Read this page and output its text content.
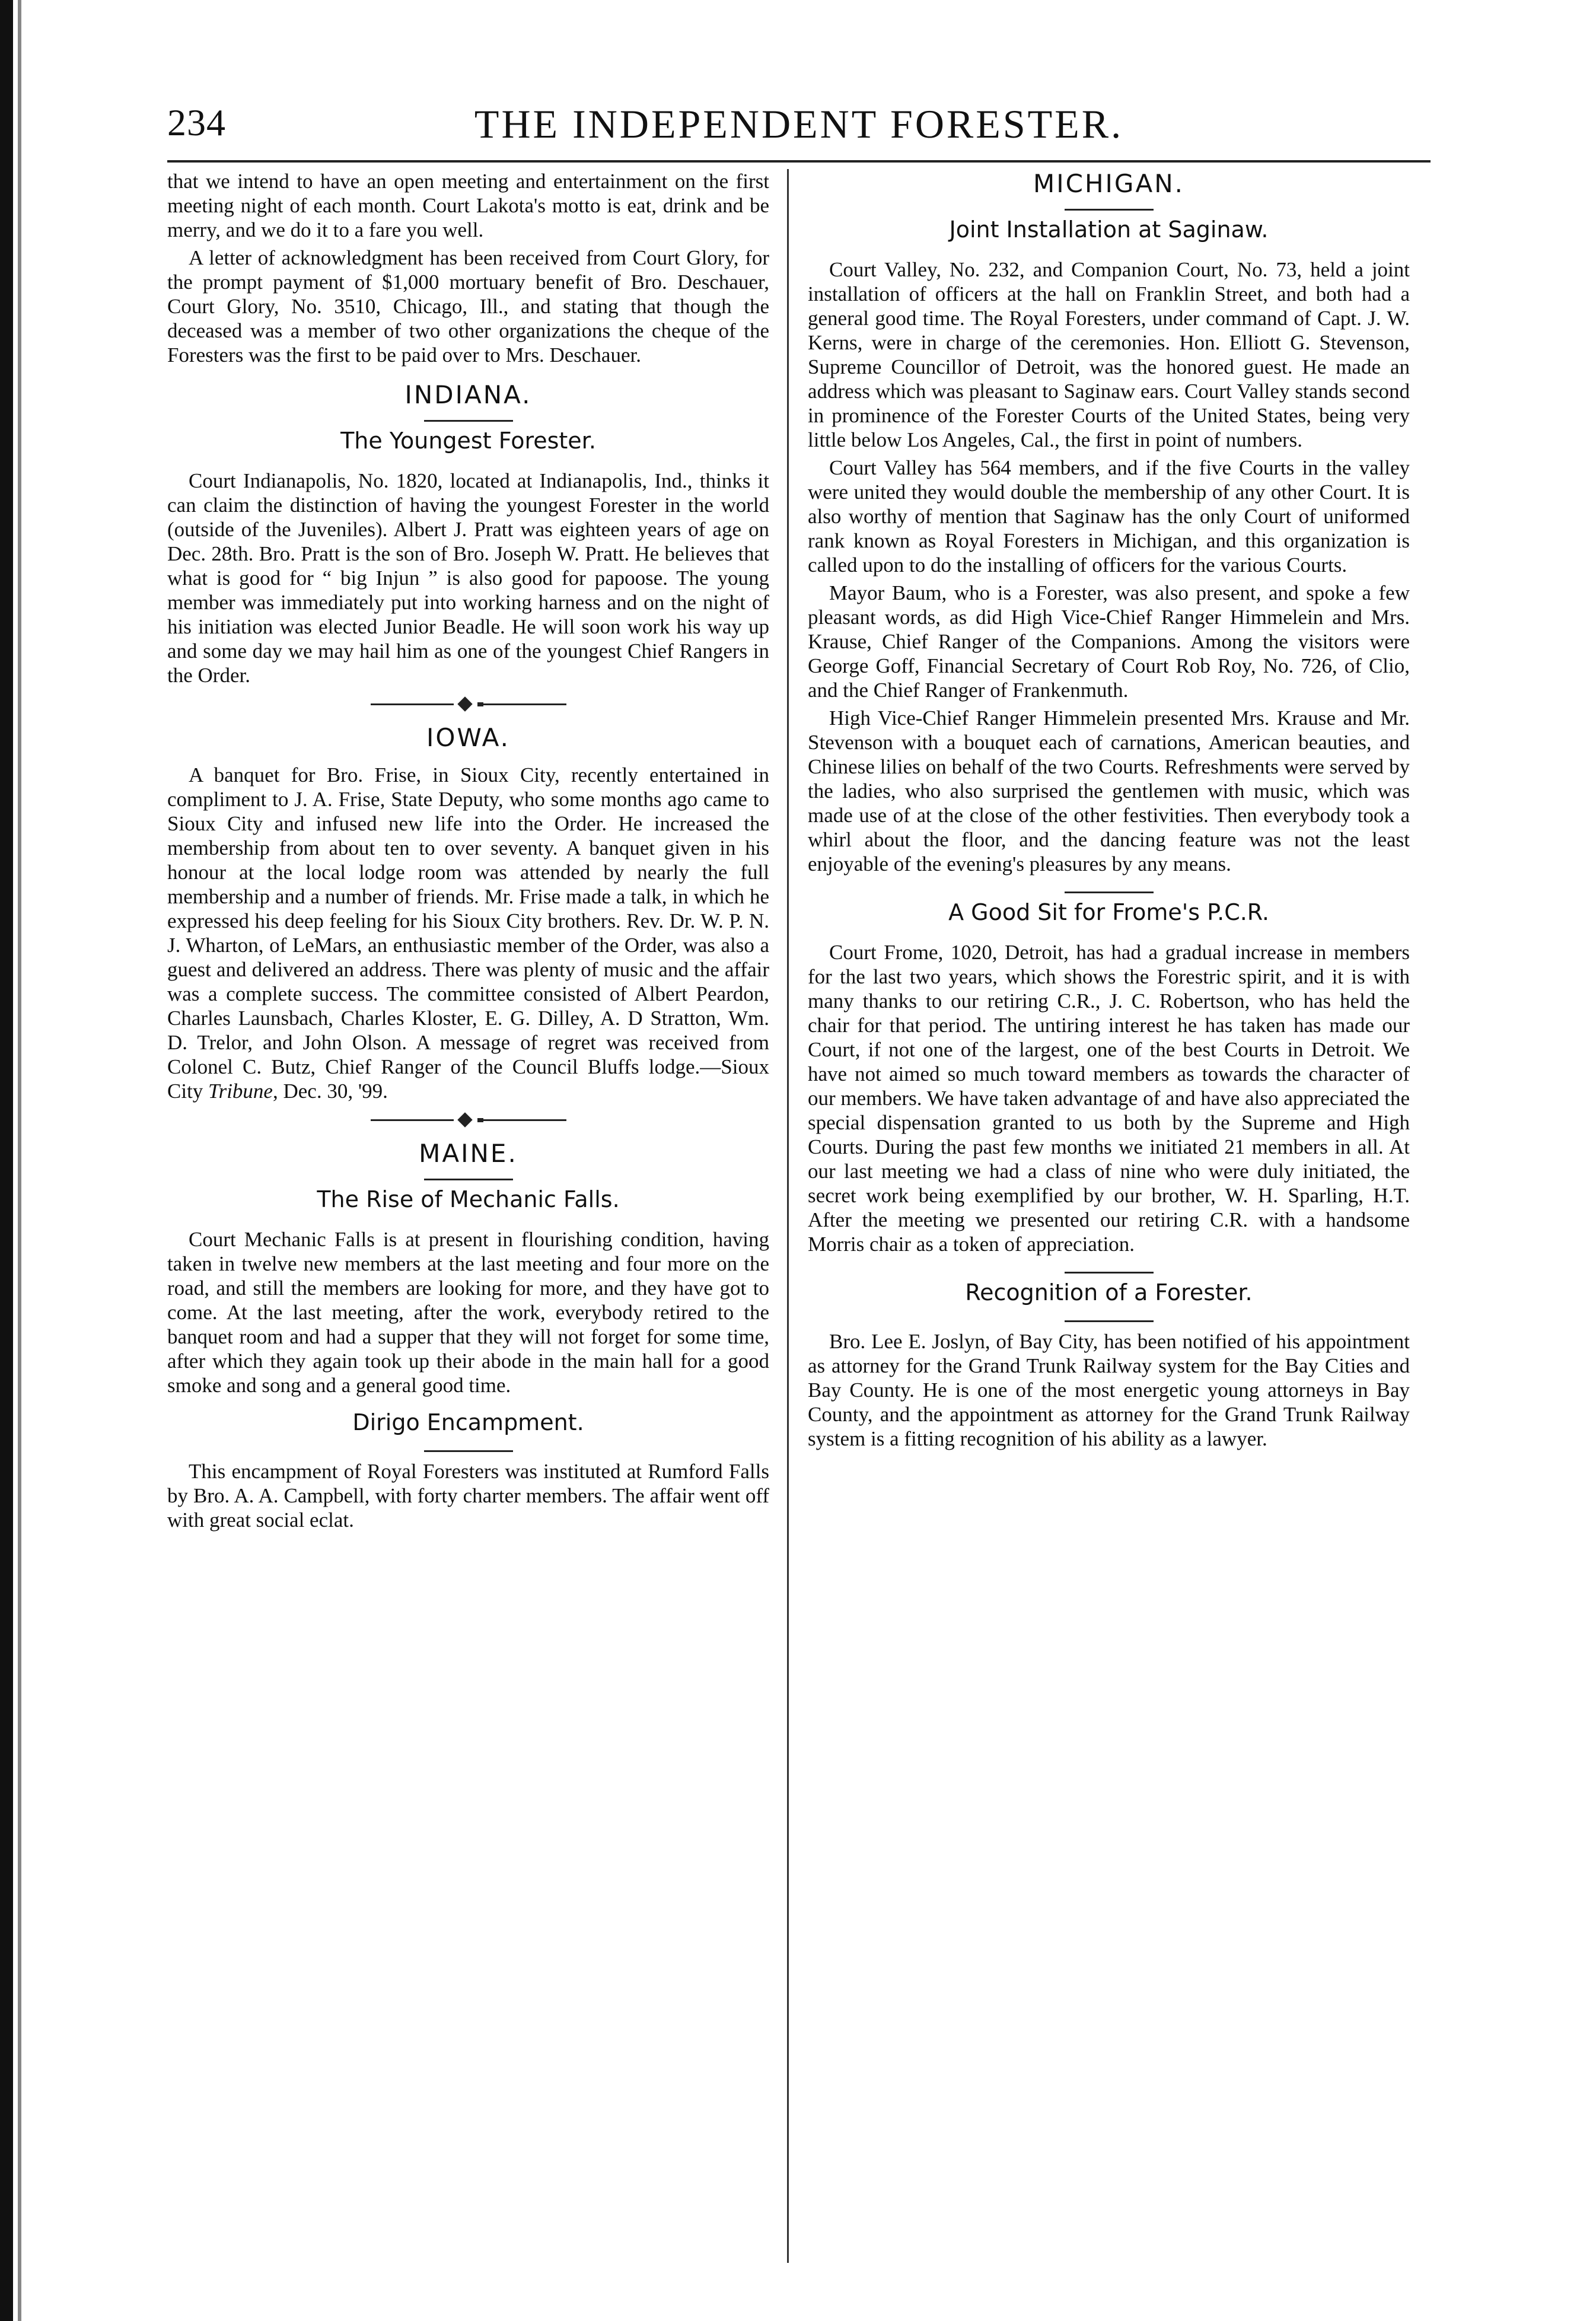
234	THE INDEPENDENT FORESTER.

that we intend to have an open meeting and entertainment on the first meeting night of each month. Court Lakota's motto is eat, drink and be merry, and we do it to a fare you well.

A letter of acknowledgment has been received from Court Glory, for the prompt payment of $1,000 mortuary benefit of Bro. Deschauer, Court Glory, No. 3510, Chicago, Ill., and stating that though the deceased was a member of two other organizations the cheque of the Foresters was the first to be paid over to Mrs. Deschauer.

INDIANA.
The Youngest Forester.

Court Indianapolis, No. 1820, located at Indianapolis, Ind., thinks it can claim the distinction of having the youngest Forester in the world (outside of the Juveniles). Albert J. Pratt was eighteen years of age on Dec. 28th. Bro. Pratt is the son of Bro. Joseph W. Pratt. He believes that what is good for “ big Injun ” is also good for papoose. The young member was immediately put into working harness and on the night of his initiation was elected Junior Beadle. He will soon work his way up and some day we may hail him as one of the youngest Chief Rangers in the Order.

IOWA.

A banquet for Bro. Frise, in Sioux City, recently entertained in compliment to J. A. Frise, State Deputy, who some months ago came to Sioux City and infused new life into the Order. He increased the membership from about ten to over seventy. A banquet given in his honour at the local lodge room was attended by nearly the full membership and a number of friends. Mr. Frise made a talk, in which he expressed his deep feeling for his Sioux City brothers. Rev. Dr. W. P. N. J. Wharton, of LeMars, an enthusiastic member of the Order, was also a guest and delivered an address. There was plenty of music and the affair was a complete success. The committee consisted of Albert Peardon, Charles Launsbach, Charles Kloster, E. G. Dilley, A. D Stratton, Wm. D. Trelor, and John Olson. A message of regret was received from Colonel C. Butz, Chief Ranger of the Council Bluffs lodge.—Sioux City Tribune, Dec. 30, '99.

MAINE.
The Rise of Mechanic Falls.

Court Mechanic Falls is at present in flourishing condition, having taken in twelve new members at the last meeting and four more on the road, and still the members are looking for more, and they have got to come. At the last meeting, after the work, everybody retired to the banquet room and had a supper that they will not forget for some time, after which they again took up their abode in the main hall for a good smoke and song and a general good time.

Dirigo Encampment.

This encampment of Royal Foresters was instituted at Rumford Falls by Bro. A. A. Campbell, with forty charter members. The affair went off with great social eclat.

MICHIGAN.
Joint Installation at Saginaw.

Court Valley, No. 232, and Companion Court, No. 73, held a joint installation of officers at the hall on Franklin Street, and both had a general good time. The Royal Foresters, under command of Capt. J. W. Kerns, were in charge of the ceremonies. Hon. Elliott G. Stevenson, Supreme Councillor of Detroit, was the honored guest. He made an address which was pleasant to Saginaw ears. Court Valley stands second in prominence of the Forester Courts of the United States, being very little below Los Angeles, Cal., the first in point of numbers.

Court Valley has 564 members, and if the five Courts in the valley were united they would double the membership of any other Court. It is also worthy of mention that Saginaw has the only Court of uniformed rank known as Royal Foresters in Michigan, and this organization is called upon to do the installing of officers for the various Courts.

Mayor Baum, who is a Forester, was also present, and spoke a few pleasant words, as did High Vice-Chief Ranger Himmelein and Mrs. Krause, Chief Ranger of the Companions. Among the visitors were George Goff, Financial Secretary of Court Rob Roy, No. 726, of Clio, and the Chief Ranger of Frankenmuth.

High Vice-Chief Ranger Himmelein presented Mrs. Krause and Mr. Stevenson with a bouquet each of carnations, American beauties, and Chinese lilies on behalf of the two Courts. Refreshments were served by the ladies, who also surprised the gentlemen with music, which was made use of at the close of the other festivities. Then everybody took a whirl about the floor, and the dancing feature was not the least enjoyable of the evening's pleasures by any means.

A Good Sit for Frome's P.C.R.

Court Frome, 1020, Detroit, has had a gradual increase in members for the last two years, which shows the Forestric spirit, and it is with many thanks to our retiring C.R., J. C. Robertson, who has held the chair for that period. The untiring interest he has taken has made our Court, if not one of the largest, one of the best Courts in Detroit. We have not aimed so much toward members as towards the character of our members. We have taken advantage of and have also appreciated the special dispensation granted to us both by the Supreme and High Courts. During the past few months we initiated 21 members in all. At our last meeting we had a class of nine who were duly initiated, the secret work being exemplified by our brother, W. H. Sparling, H.T. After the meeting we presented our retiring C.R. with a handsome Morris chair as a token of appreciation.

Recognition of a Forester.

Bro. Lee E. Joslyn, of Bay City, has been notified of his appointment as attorney for the Grand Trunk Railway system for the Bay Cities and Bay County. He is one of the most energetic young attorneys in Bay County, and the appointment as attorney for the Grand Trunk Railway system is a fitting recognition of his ability as a lawyer.
